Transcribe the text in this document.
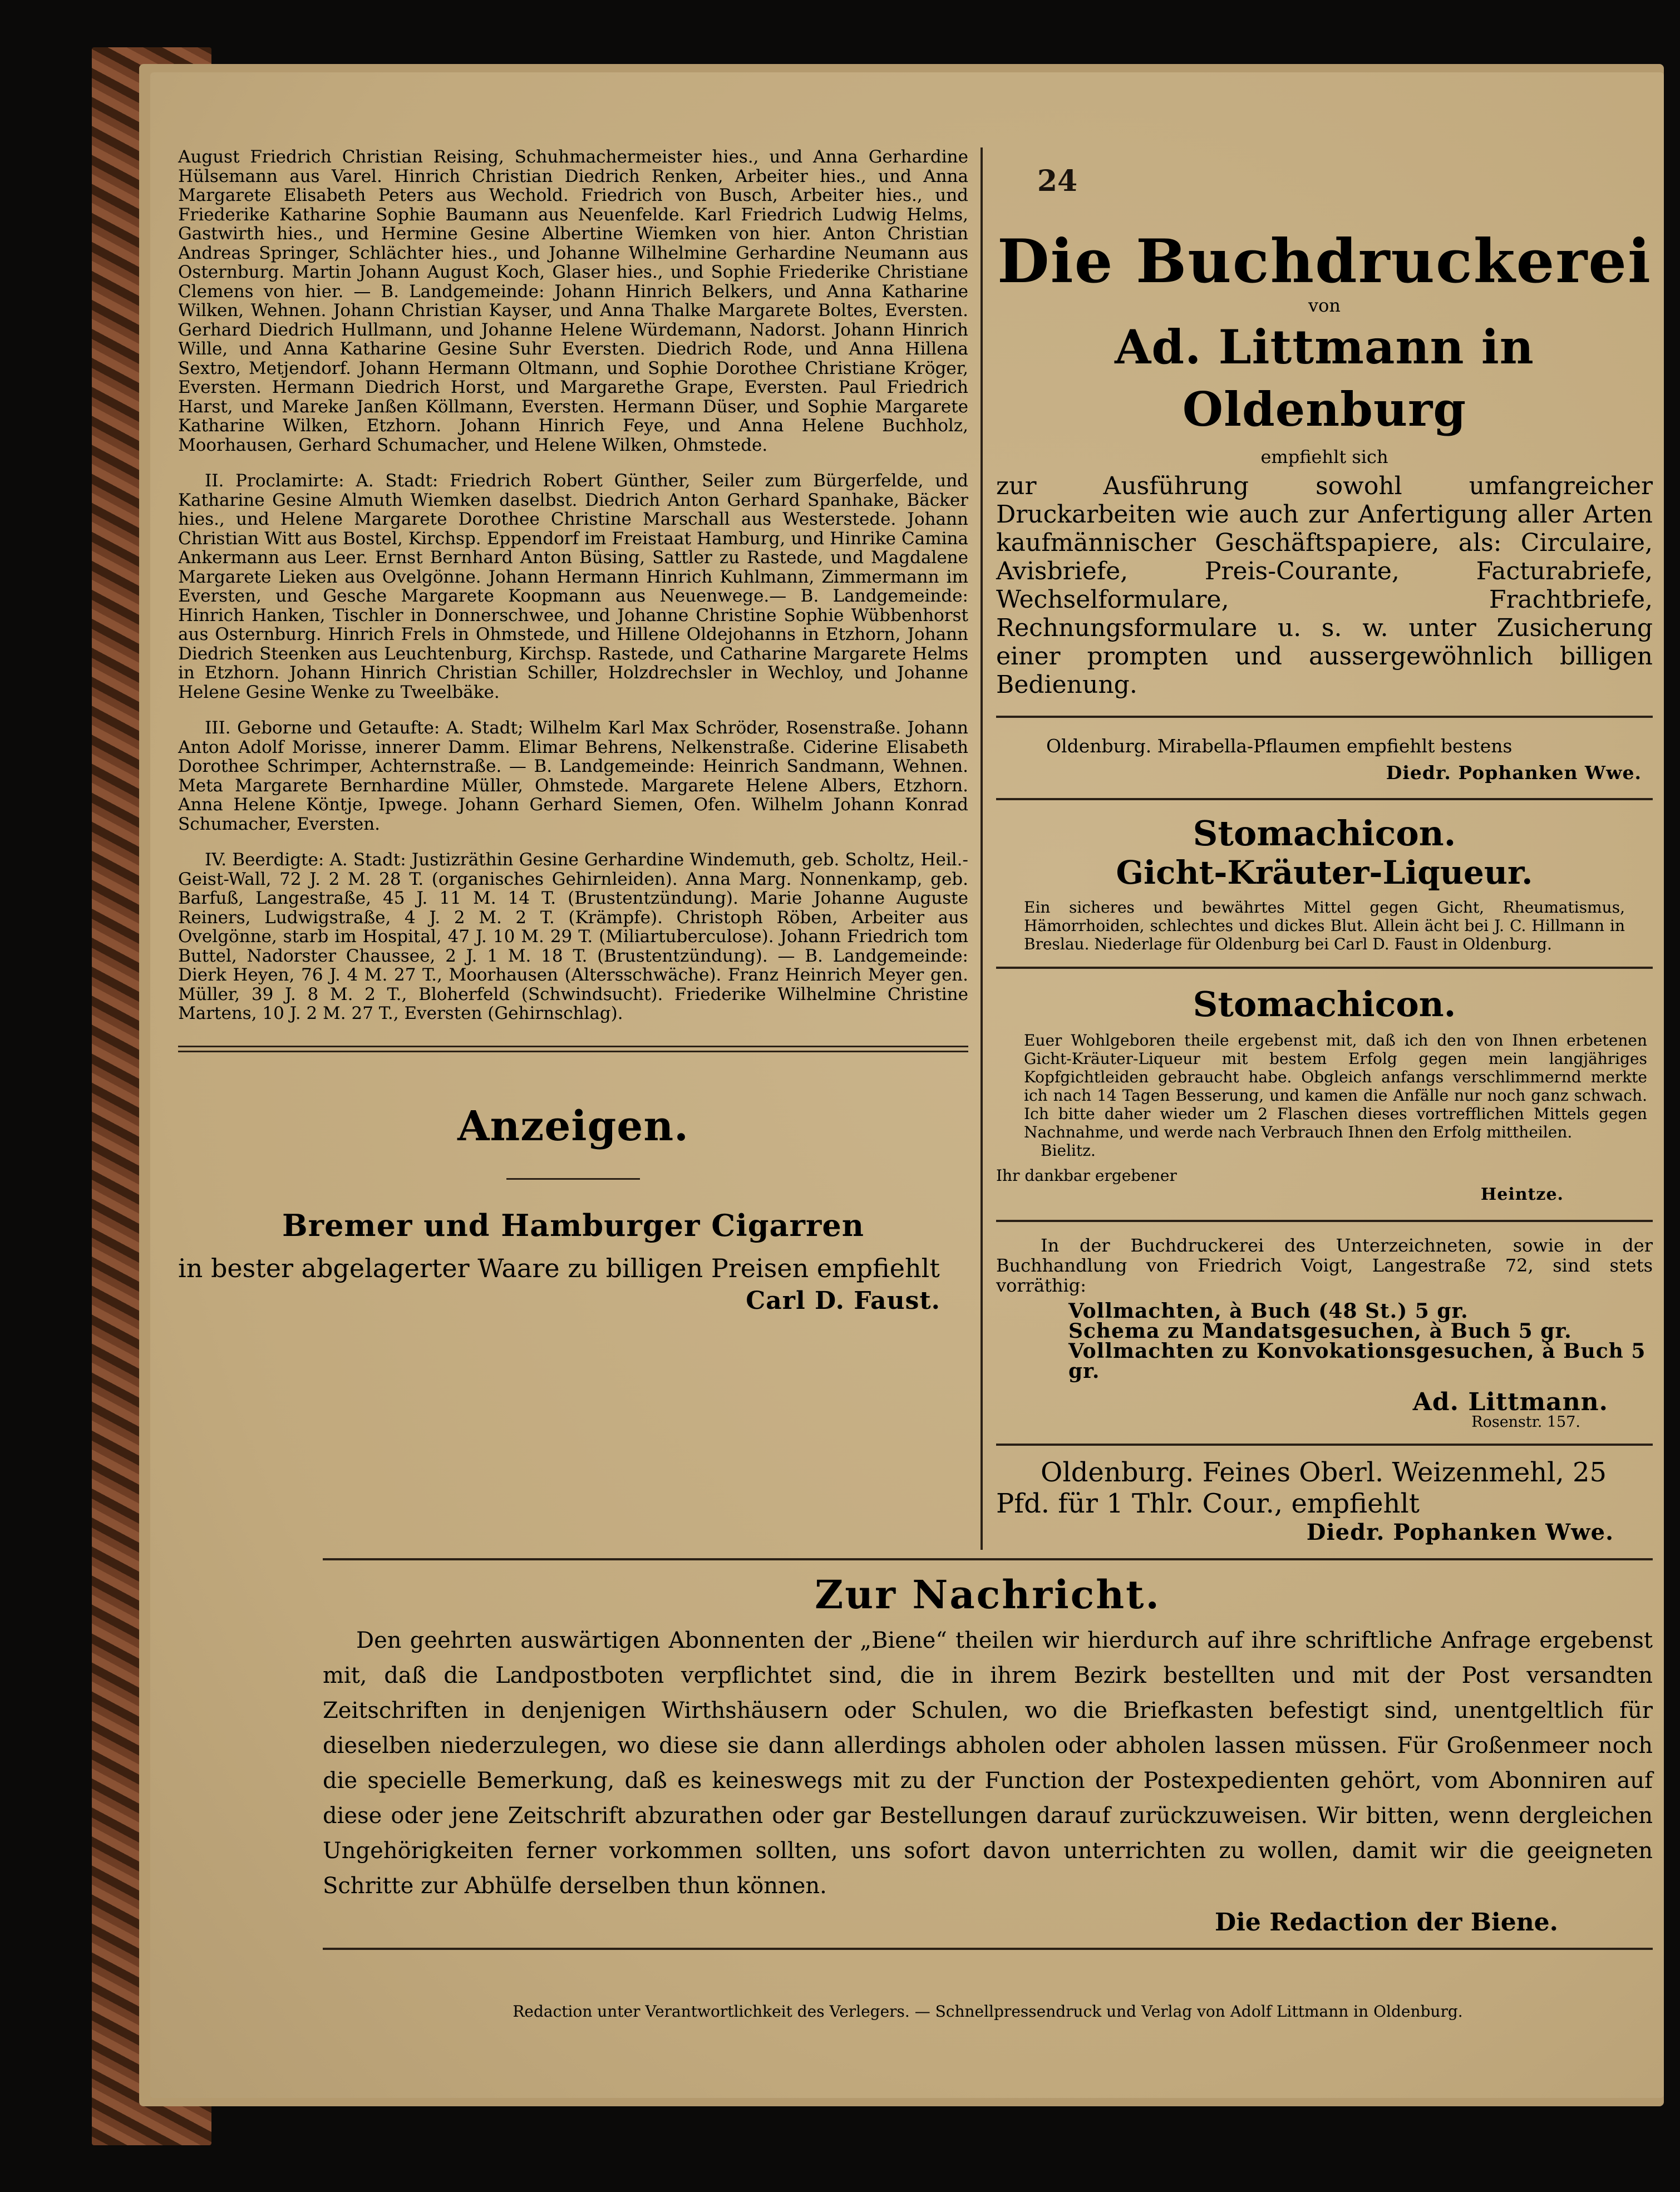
24

August Friedrich Christian Reising, Schuhmachermeister hies., und Anna Gerhardine Hülsemann aus Varel. Hinrich Christian Diedrich Renken, Arbeiter hies., und Anna Margarete Elisabeth Peters aus Wechold. Friedrich von Busch, Arbeiter hies., und Friederike Katharine Sophie Baumann aus Neuenfelde. Karl Friedrich Ludwig Helms, Gastwirth hies., und Hermine Gesine Albertine Wiemken von hier. Anton Christian Andreas Springer, Schlächter hies., und Johanne Wilhelmine Gerhardine Neumann aus Osternburg. Martin Johann August Koch, Glaser hies., und Sophie Friederike Christiane Clemens von hier. — B. Landgemeinde: Johann Hinrich Belkers, und Anna Katharine Wilken, Wehnen. Johann Christian Kayser, und Anna Thalke Margarete Boltes, Eversten. Gerhard Diedrich Hullmann, und Johanne Helene Würdemann, Nadorst. Johann Hinrich Wille, und Anna Katharine Gesine Suhr Eversten. Diedrich Rode, und Anna Hillena Sextro, Metjendorf. Johann Hermann Oltmann, und Sophie Dorothee Christiane Kröger, Eversten. Hermann Diedrich Horst, und Margarethe Grape, Eversten. Paul Friedrich Harst, und Mareke Janßen Köllmann, Eversten. Hermann Düser, und Sophie Margarete Katharine Wilken, Etzhorn. Johann Hinrich Feye, und Anna Helene Buchholz, Moorhausen, Gerhard Schumacher, und Helene Wilken, Ohmstede.

II. Proclamirte: A. Stadt: Friedrich Robert Günther, Seiler zum Bürgerfelde, und Katharine Gesine Almuth Wiemken daselbst. Diedrich Anton Gerhard Spanhake, Bäcker hies., und Helene Margarete Dorothee Christine Marschall aus Westerstede. Johann Christian Witt aus Bostel, Kirchsp. Eppendorf im Freistaat Hamburg, und Hinrike Camina Ankermann aus Leer. Ernst Bernhard Anton Büsing, Sattler zu Rastede, und Magdalene Margarete Lieken aus Ovelgönne. Johann Hermann Hinrich Kuhlmann, Zimmermann im Eversten, und Gesche Margarete Koopmann aus Neuenwege.— B. Landgemeinde: Hinrich Hanken, Tischler in Donnerschwee, und Johanne Christine Sophie Wübbenhorst aus Osternburg. Hinrich Frels in Ohmstede, und Hillene Oldejohanns in Etzhorn, Johann Diedrich Steenken aus Leuchtenburg, Kirchsp. Rastede, und Catharine Margarete Helms in Etzhorn. Johann Hinrich Christian Schiller, Holzdrechsler in Wechloy, und Johanne Helene Gesine Wenke zu Tweelbäke.

III. Geborne und Getaufte: A. Stadt; Wilhelm Karl Max Schröder, Rosenstraße. Johann Anton Adolf Morisse, innerer Damm. Elimar Behrens, Nelkenstraße. Ciderine Elisabeth Dorothee Schrimper, Achternstraße. — B. Landgemeinde: Heinrich Sandmann, Wehnen. Meta Margarete Bernhardine Müller, Ohmstede. Margarete Helene Albers, Etzhorn. Anna Helene Köntje, Ipwege. Johann Gerhard Siemen, Ofen. Wilhelm Johann Konrad Schumacher, Eversten.

IV. Beerdigte: A. Stadt: Justizräthin Gesine Gerhardine Windemuth, geb. Scholtz, Heil.-Geist-Wall, 72 J. 2 M. 28 T. (organisches Gehirnleiden). Anna Marg. Nonnenkamp, geb. Barfuß, Langestraße, 45 J. 11 M. 14 T. (Brustentzündung). Marie Johanne Auguste Reiners, Ludwigstraße, 4 J. 2 M. 2 T. (Krämpfe). Christoph Röben, Arbeiter aus Ovelgönne, starb im Hospital, 47 J. 10 M. 29 T. (Miliartuberculose). Johann Friedrich tom Buttel, Nadorster Chaussee, 2 J. 1 M. 18 T. (Brustentzündung). — B. Landgemeinde: Dierk Heyen, 76 J. 4 M. 27 T., Moorhausen (Altersschwäche). Franz Heinrich Meyer gen. Müller, 39 J. 8 M. 2 T., Bloherfeld (Schwindsucht). Friederike Wilhelmine Christine Martens, 10 J. 2 M. 27 T., Eversten (Gehirnschlag).

Anzeigen.
Bremer und Hamburger Cigarren
in bester abgelagerter Waare zu billigen Preisen empfiehlt
Carl D. Faust.
Die Buchdruckerei
von
Ad. Littmann in Oldenburg
empfiehlt sich
zur Ausführung sowohl umfangreicher Druckarbeiten wie auch zur Anfertigung aller Arten kaufmännischer Geschäftspapiere, als: Circulaire, Avisbriefe, Preis-Courante, Facturabriefe, Wechselformulare, Frachtbriefe, Rechnungsformulare u. s. w. unter Zusicherung einer prompten und aussergewöhnlich billigen Bedienung.
Oldenburg. Mirabella-Pflaumen empfiehlt bestens
Diedr. Pophanken Wwe.
Stomachicon.
Gicht-Kräuter-Liqueur.
Ein sicheres und bewährtes Mittel gegen Gicht, Rheumatismus, Hämorrhoiden, schlechtes und dickes Blut. Allein ächt bei J. C. Hillmann in Breslau. Niederlage für Oldenburg bei Carl D. Faust in Oldenburg.
Stomachicon.
Euer Wohlgeboren theile ergebenst mit, daß ich den von Ihnen erbetenen Gicht-Kräuter-Liqueur mit bestem Erfolg gegen mein langjähriges Kopfgichtleiden gebraucht habe. Obgleich anfangs verschlimmernd merkte ich nach 14 Tagen Besserung, und kamen die Anfälle nur noch ganz schwach. Ich bitte daher wieder um 2 Flaschen dieses vortrefflichen Mittels gegen Nachnahme, und werde nach Verbrauch Ihnen den Erfolg mittheilen.
Bielitz.
Ihr dankbar ergebener
Heintze.
In der Buchdruckerei des Unterzeichneten, sowie in der Buchhandlung von Friedrich Voigt, Langestraße 72, sind stets vorräthig:
Vollmachten, à Buch (48 St.) 5 gr.
Schema zu Mandatsgesuchen, à Buch 5 gr.
Vollmachten zu Konvokationsgesuchen, à Buch 5 gr.
Ad. Littmann.
Rosenstr. 157.
Oldenburg. Feines Oberl. Weizenmehl, 25 Pfd. für 1 Thlr. Cour., empfiehlt
Diedr. Pophanken Wwe.
Zur Nachricht.
Den geehrten auswärtigen Abonnenten der „Biene“ theilen wir hierdurch auf ihre schriftliche Anfrage ergebenst mit, daß die Landpostboten verpflichtet sind, die in ihrem Bezirk bestellten und mit der Post versandten Zeitschriften in denjenigen Wirthshäusern oder Schulen, wo die Briefkasten befestigt sind, unentgeltlich für dieselben niederzulegen, wo diese sie dann allerdings abholen oder abholen lassen müssen. Für Großenmeer noch die specielle Bemerkung, daß es keineswegs mit zu der Function der Postexpedienten gehört, vom Abonniren auf diese oder jene Zeitschrift abzurathen oder gar Bestellungen darauf zurückzuweisen. Wir bitten, wenn dergleichen Ungehörigkeiten ferner vorkommen sollten, uns sofort davon unterrichten zu wollen, damit wir die geeigneten Schritte zur Abhülfe derselben thun können.
Die Redaction der Biene.
Redaction unter Verantwortlichkeit des Verlegers. — Schnellpressendruck und Verlag von Adolf Littmann in Oldenburg.
